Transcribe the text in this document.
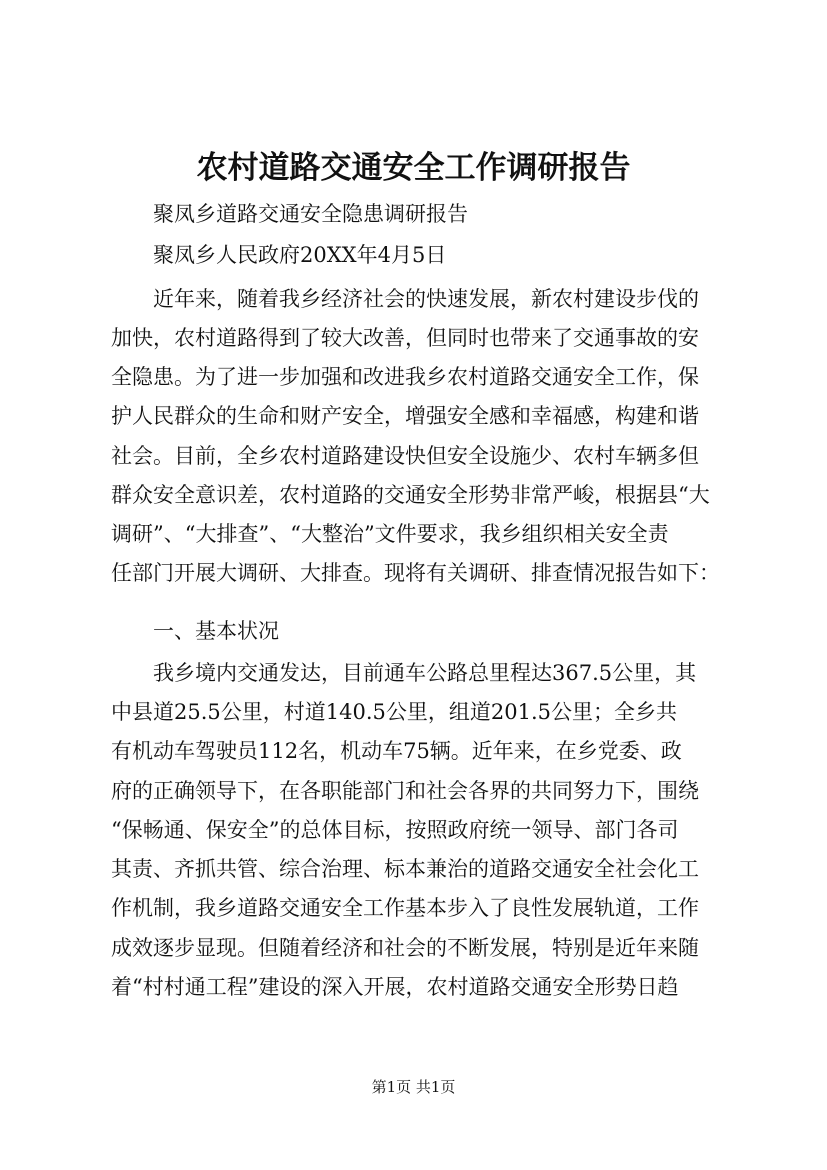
农村道路交通安全工作调研报告
聚凤乡道路交通安全隐患调研报告
聚凤乡人民政府20XX年4月5日
近年来，随着我乡经济社会的快速发展，新农村建设步伐的
加快，农村道路得到了较大改善，但同时也带来了交通事故的安
全隐患。为了进一步加强和改进我乡农村道路交通安全工作，保
护人民群众的生命和财产安全，增强安全感和幸福感，构建和谐
社会。目前，全乡农村道路建设快但安全设施少、农村车辆多但
群众安全意识差，农村道路的交通安全形势非常严峻，根据县“大
调研”、“大排查”、“大整治”文件要求，我乡组织相关安全责
任部门开展大调研、大排查。现将有关调研、排查情况报告如下：
一、基本状况
我乡境内交通发达，目前通车公路总里程达367.5公里，其
中县道25.5公里，村道140.5公里，组道201.5公里；全乡共
有机动车驾驶员112名，机动车75辆。近年来，在乡党委、政
府的正确领导下，在各职能部门和社会各界的共同努力下，围绕
“保畅通、保安全”的总体目标，按照政府统一领导、部门各司
其责、齐抓共管、综合治理、标本兼治的道路交通安全社会化工
作机制，我乡道路交通安全工作基本步入了良性发展轨道，工作
成效逐步显现。但随着经济和社会的不断发展，特别是近年来随
着“村村通工程”建设的深入开展，农村道路交通安全形势日趋
第1页 共1页
